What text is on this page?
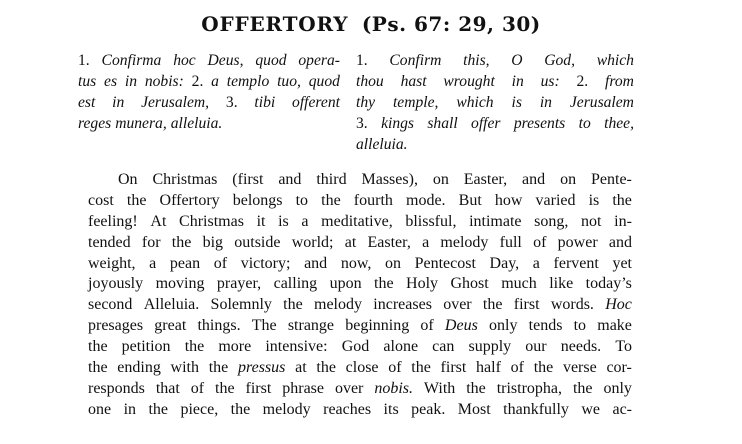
OFFERTORY (Ps. 67: 29, 30)
1. Confirma hoc Deus, quod opera-
tus es in nobis: 2. a templo tuo, quod
est in Jerusalem, 3. tibi offerent
reges munera, alleluia.
1. Confirm this, O God, which
thou hast wrought in us: 2. from
thy temple, which is in Jerusalem
3. kings shall offer presents to thee,
alleluia.
On Christmas (first and third Masses), on Easter, and on Pente-
cost the Offertory belongs to the fourth mode. But how varied is the
feeling! At Christmas it is a meditative, blissful, intimate song, not in-
tended for the big outside world; at Easter, a melody full of power and
weight, a pean of victory; and now, on Pentecost Day, a fervent yet
joyously moving prayer, calling upon the Holy Ghost much like today’s
second Alleluia. Solemnly the melody increases over the first words. Hoc
presages great things. The strange beginning of Deus only tends to make
the petition the more intensive: God alone can supply our needs. To
the ending with the pressus at the close of the first half of the verse cor-
responds that of the first phrase over nobis. With the tristropha, the only
one in the piece, the melody reaches its peak. Most thankfully we ac-
